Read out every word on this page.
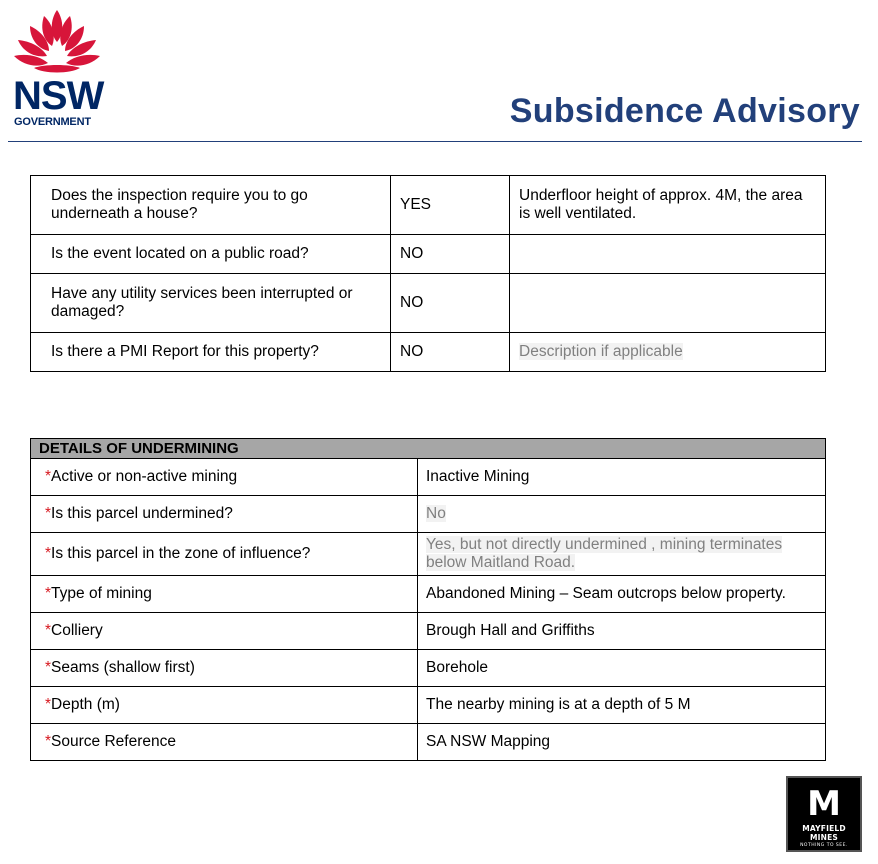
NSW
GOVERNMENT	Subsidence Advisory
Does the inspection require you to go underneath a house?	YES	Underfloor height of approx. 4M, the area is well ventilated.
Is the event located on a public road?	NO	
Have any utility services been interrupted or damaged?	NO	
Is there a PMI Report for this property?	NO	Description if applicable
DETAILS OF UNDERMINING	
*Active or non-active mining	Inactive Mining
*Is this parcel undermined?	No
*Is this parcel in the zone of influence?	Yes, but not directly undermined , mining terminates below Maitland Road.
*Type of mining	Abandoned Mining – Seam outcrops below property.
*Colliery	Brough Hall and Griffiths
*Seams (shallow first)	Borehole
*Depth (m)	The nearby mining is at a depth of 5 M
*Source Reference	SA NSW Mapping
M
MAYFIELD MINES
NOTHING TO SEE.
